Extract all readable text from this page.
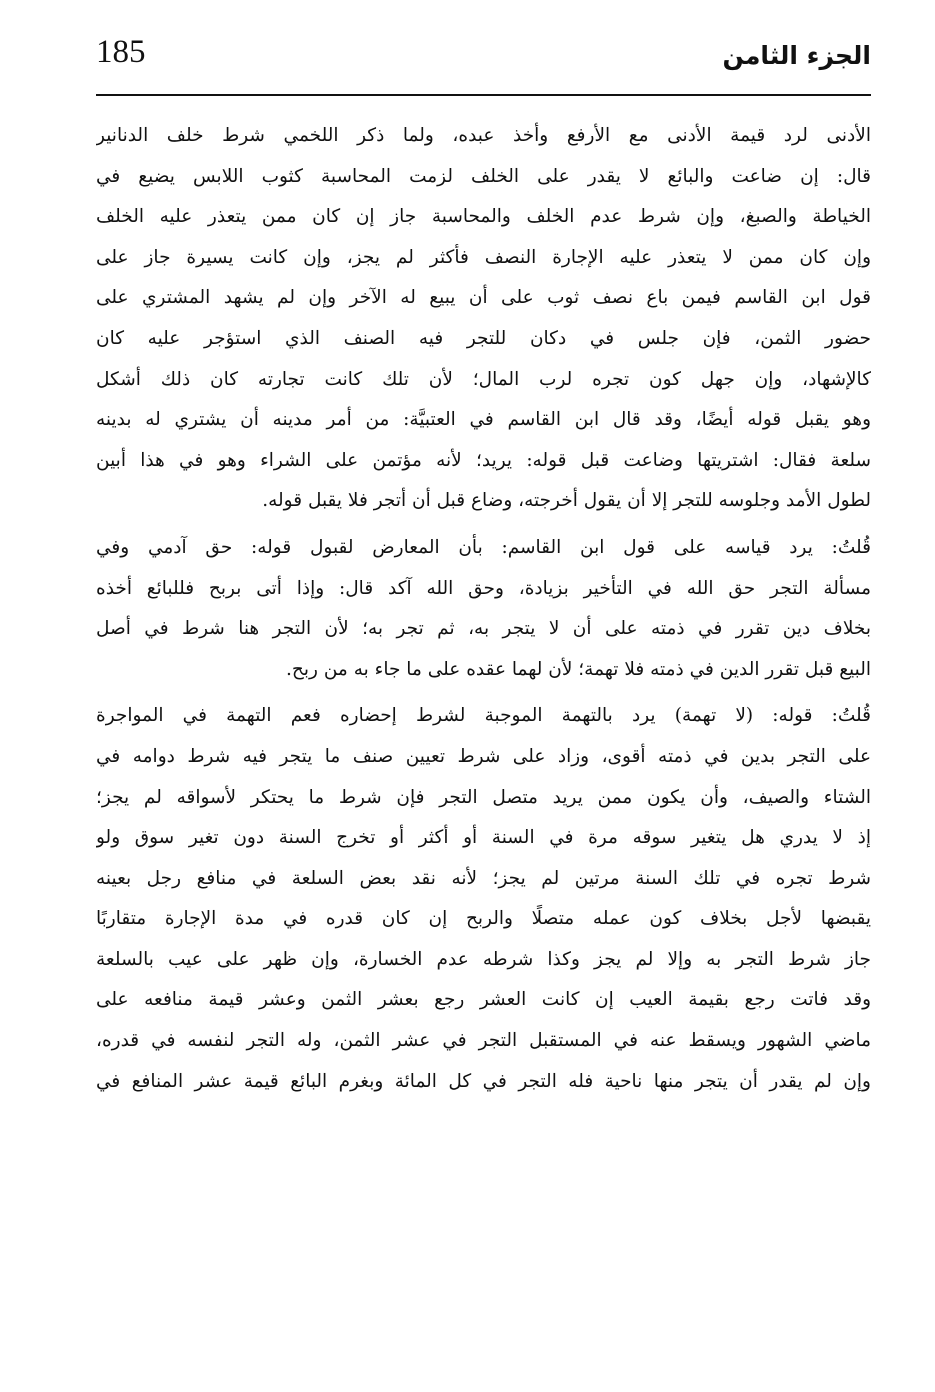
185	الجزء الثامن
الأدنى لرد قيمة الأدنى مع الأرفع وأخذ عبده، ولما ذكر اللخمي شرط خلف الدنانير
قال: إن ضاعت والبائع لا يقدر على الخلف لزمت المحاسبة كثوب اللابس يضيع في
الخياطة والصبغ، وإن شرط عدم الخلف والمحاسبة جاز إن كان ممن يتعذر عليه الخلف
وإن كان ممن لا يتعذر عليه الإجارة النصف فأكثر لم يجز، وإن كانت يسيرة جاز على
قول ابن القاسم فيمن باع نصف ثوب على أن يبيع له الآخر وإن لم يشهد المشتري على
حضور الثمن، فإن جلس في دكان للتجر فيه الصنف الذي استؤجر عليه كان
كالإشهاد، وإن جهل كون تجره لرب المال؛ لأن تلك كانت تجارته كان ذلك أشكل
وهو يقبل قوله أيضًا، وقد قال ابن القاسم في العتبيَّة: من أمر مدينه أن يشتري له بدينه
سلعة فقال: اشتريتها وضاعت قبل قوله: يريد؛ لأنه مؤتمن على الشراء وهو في هذا أبين
لطول الأمد وجلوسه للتجر إلا أن يقول أخرجته، وضاع قبل أن أتجر فلا يقبل قوله.
قُلتُ: يرد قياسه على قول ابن القاسم: بأن المعارض لقبول قوله: حق آدمي وفي
مسألة التجر حق الله في التأخير بزيادة، وحق الله آكد قال: وإذا أتى بربح فللبائع أخذه
بخلاف دين تقرر في ذمته على أن لا يتجر به، ثم تجر به؛ لأن التجر هنا شرط في أصل
البيع قبل تقرر الدين في ذمته فلا تهمة؛ لأن لهما عقده على ما جاء به من ربح.
قُلتُ: قوله: (لا تهمة) يرد بالتهمة الموجبة لشرط إحضاره فعم التهمة في المواجرة
على التجر بدين في ذمته أقوى، وزاد على شرط تعيين صنف ما يتجر فيه شرط دوامه في
الشتاء والصيف، وأن يكون ممن يريد متصل التجر فإن شرط ما يحتكر لأسواقه لم يجز؛
إذ لا يدري هل يتغير سوقه مرة في السنة أو أكثر أو تخرج السنة دون تغير سوق ولو
شرط تجره في تلك السنة مرتين لم يجز؛ لأنه نقد بعض السلعة في منافع رجل بعينه
يقبضها لأجل بخلاف كون عمله متصلًا والربح إن كان قدره في مدة الإجارة متقاربًا
جاز شرط التجر به وإلا لم يجز وكذا شرطه عدم الخسارة، وإن ظهر على عيب بالسلعة
وقد فاتت رجع بقيمة العيب إن كانت العشر رجع بعشر الثمن وعشر قيمة منافعه على
ماضي الشهور ويسقط عنه في المستقبل التجر في عشر الثمن، وله التجر لنفسه في قدره،
وإن لم يقدر أن يتجر منها ناحية فله التجر في كل المائة وبغرم البائع قيمة عشر المنافع في
